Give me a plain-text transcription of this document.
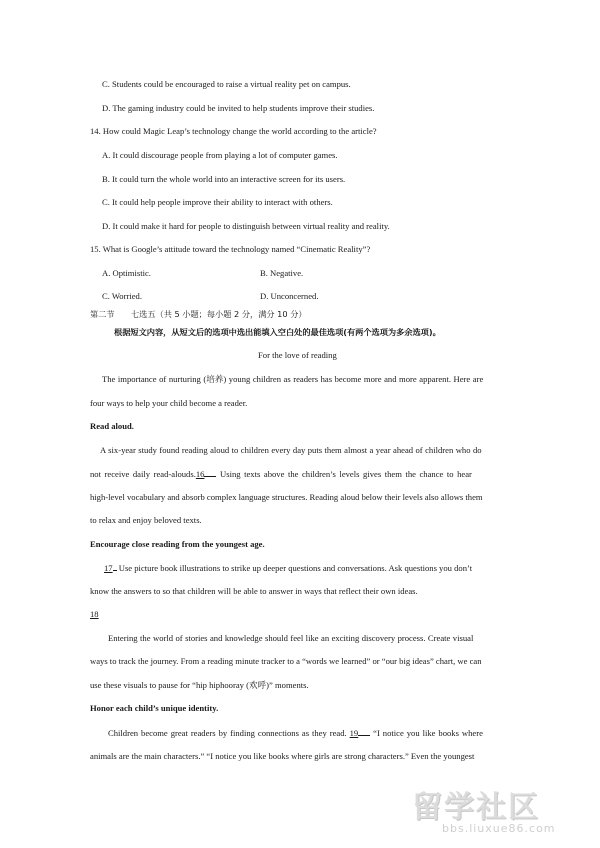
C. Students could be encouraged to raise a virtual reality pet on campus.
D. The gaming industry could be invited to help students improve their studies.
14. How could Magic Leap’s technology change the world according to the article?
A. It could discourage people from playing a lot of computer games.
B. It could turn the whole world into an interactive screen for its users.
C. It could help people improve their ability to interact with others.
D. It could make it hard for people to distinguish between virtual reality and reality.
15. What is Google’s attitude toward the technology named “Cinematic Reality”?
A. Optimistic.	B. Negative.
C. Worried.	D. Unconcerned.
第二节　　七选五（共 5 小题；每小题 2 分，满分 10 分）
根据短文内容，从短文后的选项中选出能填入空白处的最佳选项(有两个选项为多余选项)。
For the love of reading
The importance of nurturing (培养) young children as readers has become more and more apparent. Here are
four ways to help your child become a reader.
Read aloud.
A six-year study found reading aloud to children every day puts them almost a year ahead of children who do
not receive daily read-alouds.16 Using texts above the children’s levels gives them the chance to hear
high-level vocabulary and absorb complex language structures. Reading aloud below their levels also allows them
to relax and enjoy beloved texts.
Encourage close reading from the youngest age.
17 Use picture book illustrations to strike up deeper questions and conversations. Ask questions you don’t
know the answers to so that children will be able to answer in ways that reflect their own ideas.
18
Entering the world of stories and knowledge should feel like an exciting discovery process. Create visual
ways to track the journey. From a reading minute tracker to a “words we learned” or “our big ideas” chart, we can
use these visuals to pause for “hip hiphooray (欢呼)” moments.
Honor each child’s unique identity.
Children become great readers by finding connections as they read. 19 “I notice you like books where
animals are the main characters.” “I notice you like books where girls are strong characters.” Even the youngest
留学社区
bbs.liuxue86.com
